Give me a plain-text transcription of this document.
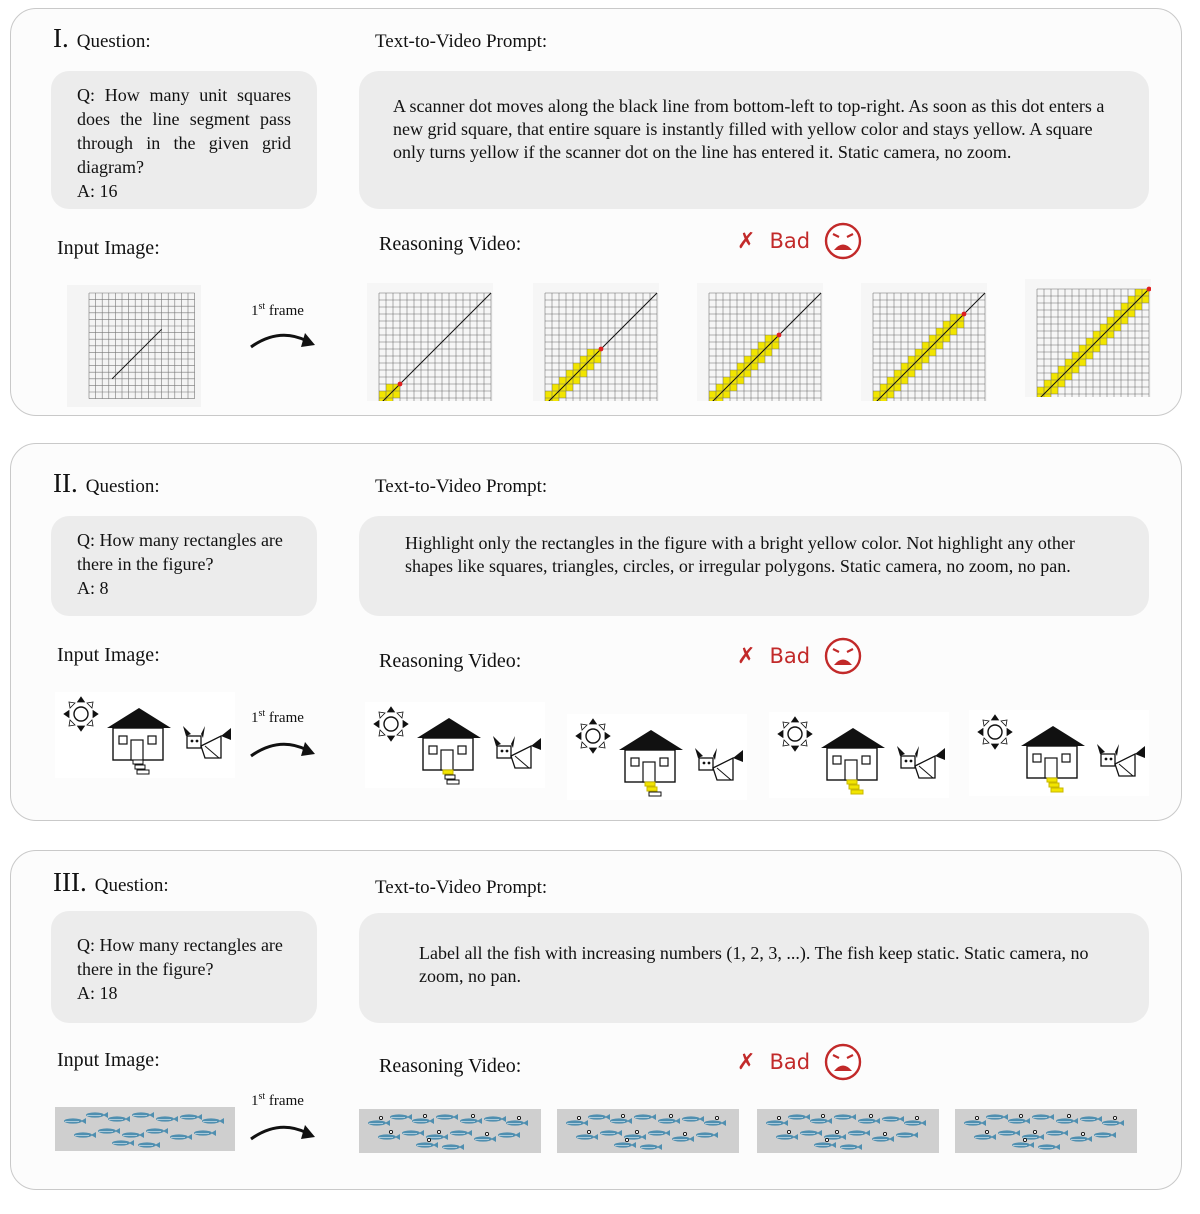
I. Question:	Text-to-Video Prompt:
Q: How many unit squares does the line segment pass through in the given grid diagram?
A: 16
A scanner dot moves along the black line from bottom-left to top-right. As soon as this dot enters a new grid square, that entire square is instantly filled with yellow color and stays yellow. A square only turns yellow if the scanner dot on the line has entered it. Static camera, no zoom.
Input Image:	Reasoning Video:	✗ Bad
1st frame
II. Question:	Text-to-Video Prompt:
Q: How many rectangles are there in the figure?
A: 8
Highlight only the rectangles in the figure with a bright yellow color. Not highlight any other shapes like squares, triangles, circles, or irregular polygons. Static camera, no zoom, no pan.
Input Image:	Reasoning Video:	✗ Bad
1st frame
III. Question:	Text-to-Video Prompt:
Q: How many rectangles are there in the figure?
A: 18
Label all the fish with increasing numbers (1, 2, 3, ...). The fish keep static. Static camera, no zoom, no pan.
Input Image:	Reasoning Video:	✗ Bad
1st frame
